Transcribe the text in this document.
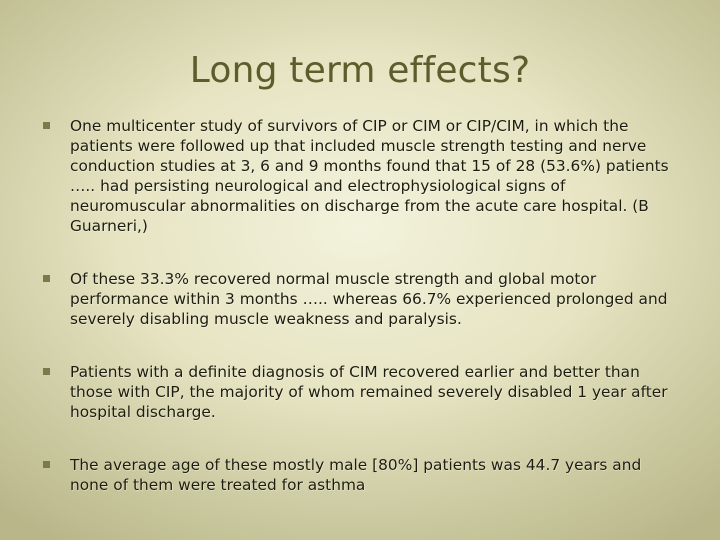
Long term effects?
One multicenter study of survivors of CIP or CIM or CIP/CIM, in which the patients were followed up that included muscle strength testing and nerve conduction studies at 3, 6 and 9 months found that 15 of 28 (53.6%) patients ….. had persisting neurological and electrophysiological signs of neuromuscular abnormalities on discharge from the acute care hospital. (B Guarneri,)
Of these 33.3% recovered normal muscle strength and global motor performance within 3 months ….. whereas 66.7% experienced prolonged and severely disabling muscle weakness and paralysis.
Patients with a definite diagnosis of CIM recovered earlier and better than those with CIP, the majority of whom remained severely disabled 1 year after hospital discharge.
The average age of these mostly male [80%] patients was 44.7 years and none of them were treated for asthma
